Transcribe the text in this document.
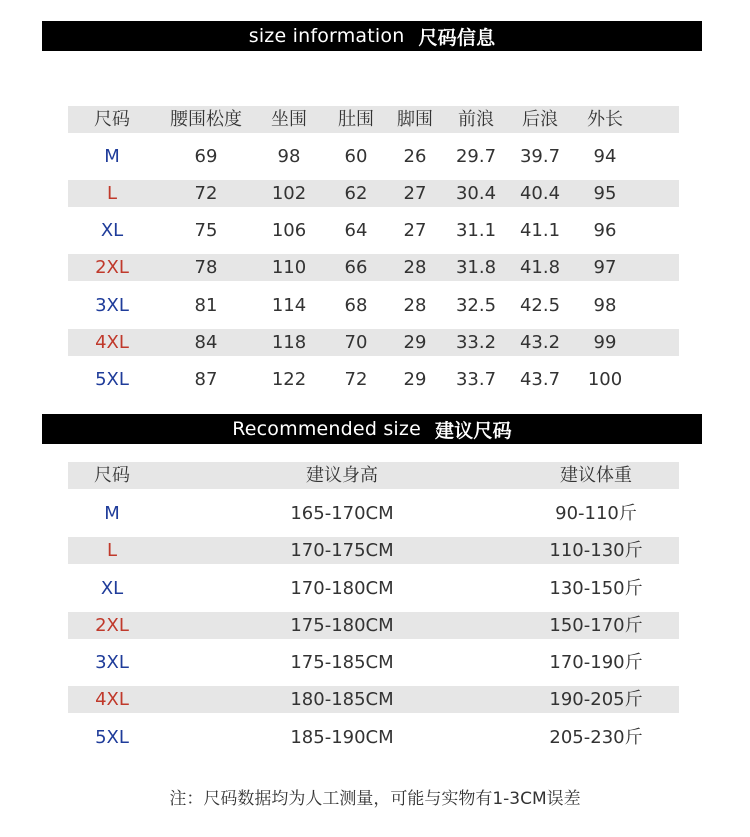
size information 尺码信息
尺码 腰围松度 坐围 肚围 脚围 前浪 后浪 外长
M	69	98 60 26 29.7 39.7 94
L	72	102 62 27 30.4 40.4 95
XL	75	106 64 27 31.1 41.1 96
2XL	78	110 66 28 31.8 41.8 97
3XL	81	114 68 28 32.5 42.5 98
4XL	84	118 70 29 33.2 43.2 99
5XL	87	122 72 29 33.7 43.7 100
Recommended size 建议尺码
尺码	建议身高	建议体重
M	165-170CM	90-110斤
L	170-175CM	110-130斤
XL	170-180CM	130-150斤
2XL	175-180CM	150-170斤
3XL	175-185CM	170-190斤
4XL	180-185CM	190-205斤
5XL	185-190CM	205-230斤
注：尺码数据均为人工测量，可能与实物有1-3CM误差
